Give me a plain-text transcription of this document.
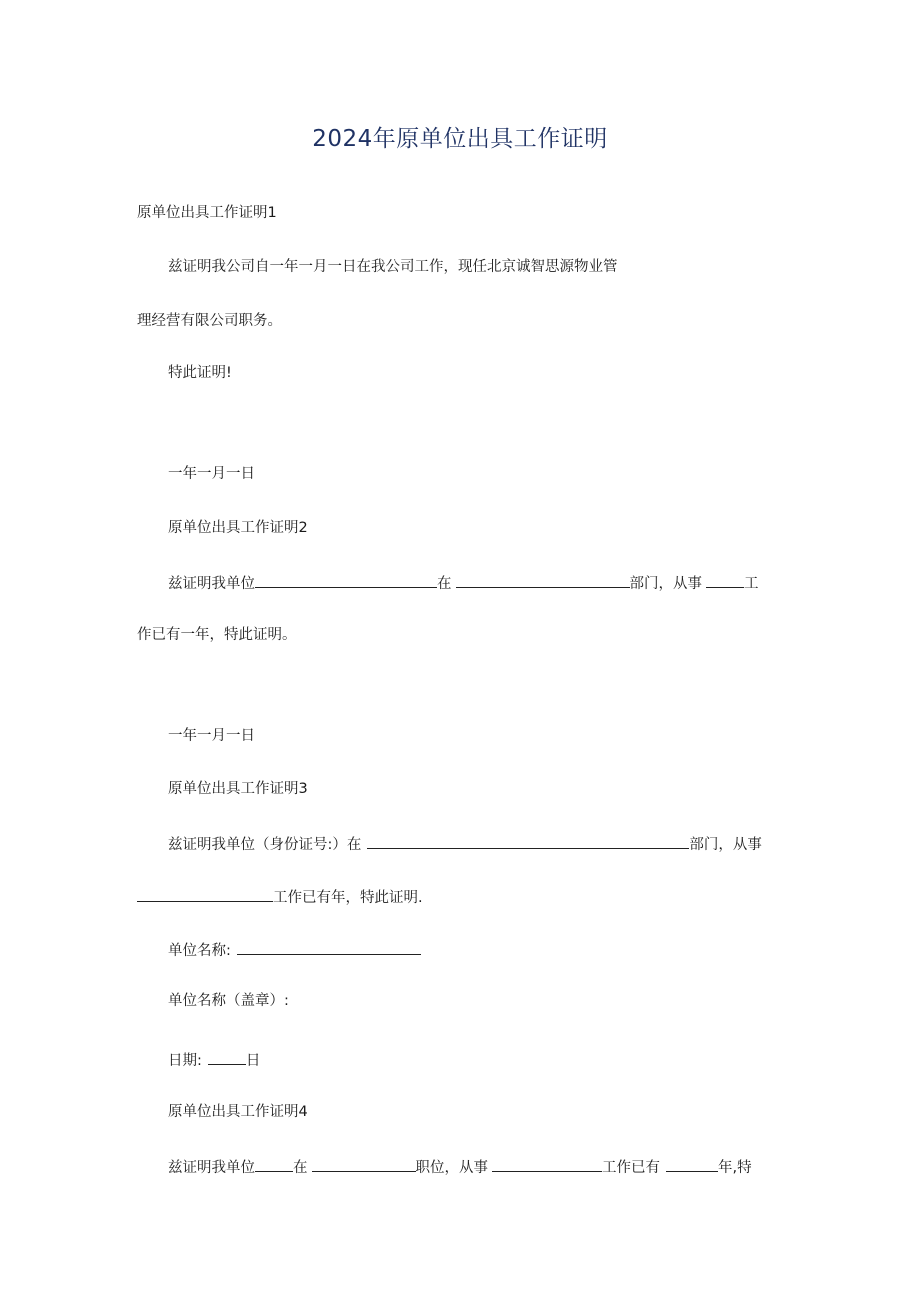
2024年原单位出具工作证明
原单位出具工作证明1
兹证明我公司自一年一月一日在我公司工作，现任北京诚智思源物业管
理经营有限公司职务。
特此证明!
一年一月一日
原单位出具工作证明2
兹证明我单位	在	部门，从事	工
作已有一年，特此证明。
一年一月一日
原单位出具工作证明3
兹证明我单位（身份证号:）在	部门，从事
工作已有年，特此证明.
单位名称:
单位名称（盖章）:
日期:	日
原单位出具工作证明4
兹证明我单位	在	职位，从事	工作已有	年,特
